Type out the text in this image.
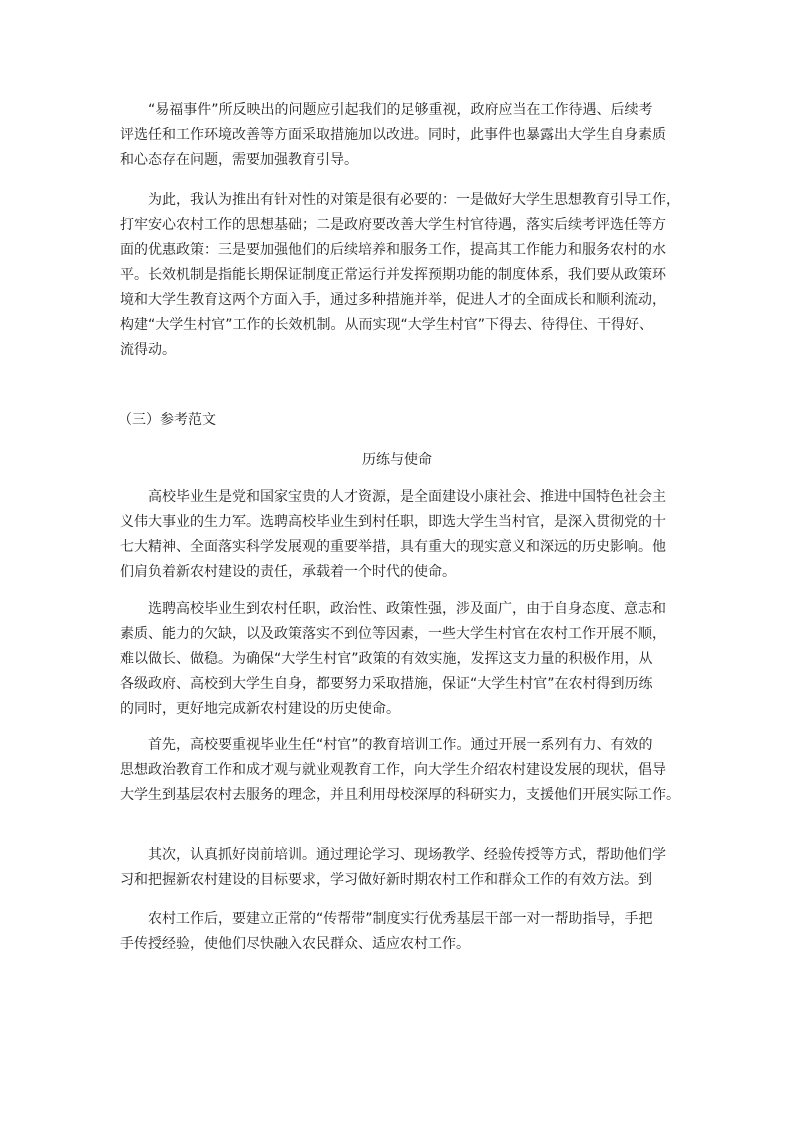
“易福事件”所反映出的问题应引起我们的足够重视，政府应当在工作待遇、后续考
评选任和工作环境改善等方面采取措施加以改进。同时，此事件也暴露出大学生自身素质
和心态存在问题，需要加强教育引导。
为此，我认为推出有针对性的对策是很有必要的：一是做好大学生思想教育引导工作，
打牢安心农村工作的思想基础；二是政府要改善大学生村官待遇，落实后续考评选任等方
面的优惠政策：三是要加强他们的后续培养和服务工作，提高其工作能力和服务农村的水
平。长效机制是指能长期保证制度正常运行并发挥预期功能的制度体系，我们要从政策环
境和大学生教育这两个方面入手，通过多种措施并举，促进人才的全面成长和顺利流动，
构建“大学生村官”工作的长效机制。从而实现“大学生村官”下得去、待得住、干得好、
流得动。
（三）参考范文
历练与使命
高校毕业生是党和国家宝贵的人才资源，是全面建设小康社会、推进中国特色社会主
义伟大事业的生力军。选聘高校毕业生到村任职，即选大学生当村官，是深入贯彻党的十
七大精神、全面落实科学发展观的重要举措，具有重大的现实意义和深远的历史影响。他
们肩负着新农村建设的责任，承载着一个时代的使命。
选聘高校毕业生到农村任职，政治性、政策性强，涉及面广，由于自身态度、意志和
素质、能力的欠缺，以及政策落实不到位等因素，一些大学生村官在农村工作开展不顺，
难以做长、做稳。为确保“大学生村官”政策的有效实施，发挥这支力量的积极作用，从
各级政府、高校到大学生自身，都要努力采取措施，保证“大学生村官”在农村得到历练
的同时，更好地完成新农村建设的历史使命。
首先，高校要重视毕业生任“村官”的教育培训工作。通过开展一系列有力、有效的
思想政治教育工作和成才观与就业观教育工作，向大学生介绍农村建设发展的现状，倡导
大学生到基层农村去服务的理念，并且利用母校深厚的科研实力，支援他们开展实际工作。
其次，认真抓好岗前培训。通过理论学习、现场教学、经验传授等方式，帮助他们学
习和把握新农村建设的目标要求，学习做好新时期农村工作和群众工作的有效方法。到
农村工作后，要建立正常的“传帮带”制度实行优秀基层干部一对一帮助指导，手把
手传授经验，使他们尽快融入农民群众、适应农村工作。
